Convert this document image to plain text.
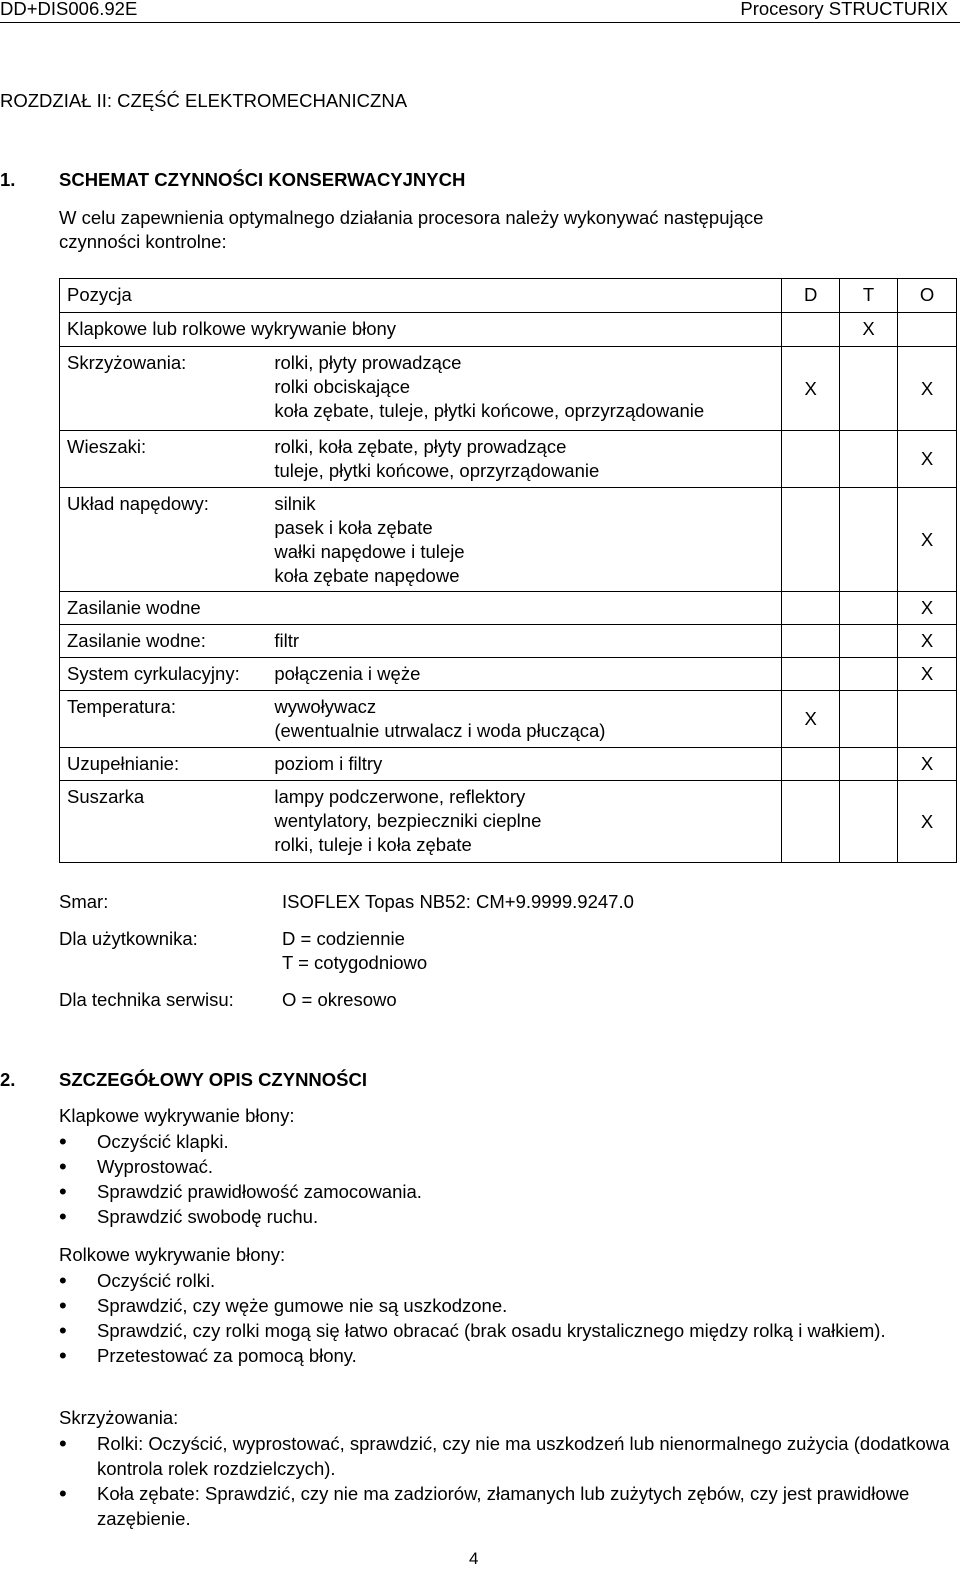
DD+DIS006.92E	Procesory STRUCTURIX
ROZDZIAŁ II: CZĘŚĆ ELEKTROMECHANICZNA
1. SCHEMAT CZYNNOŚCI KONSERWACYJNYCH
W celu zapewnienia optymalnego działania procesora należy wykonywać następujące
czynności kontrolne:
Pozycja		D	T	O
Klapkowe lub rolkowe wykrywanie błony			X	
Skrzyżowania:	rolki, płyty prowadzące
rolki obciskające
koła zębate, tuleje, płytki końcowe, oprzyrządowanie	X		X
Wieszaki:	rolki, koła zębate, płyty prowadzące
tuleje, płytki końcowe, oprzyrządowanie			X
Układ napędowy:	silnik
pasek i koła zębate
wałki napędowe i tuleje
koła zębate napędowe			X
Zasilanie wodne				X
Zasilanie wodne:	filtr			X
System cyrkulacyjny:	połączenia i węże			X
Temperatura:	wywoływacz
(ewentualnie utrwalacz i woda płucząca)	X		
Uzupełnianie:	poziom i filtry			X
Suszarka	lampy podczerwone, reflektory
wentylatory, bezpieczniki cieplne
rolki, tuleje i koła zębate			X
Smar:	ISOFLEX Topas NB52: CM+9.9999.9247.0
Dla użytkownika:	D = codziennie
T = cotygodniowo
Dla technika serwisu:	O = okresowo
2. SZCZEGÓŁOWY OPIS CZYNNOŚCI
Klapkowe wykrywanie błony:
• Oczyścić klapki.
• Wyprostować.
• Sprawdzić prawidłowość zamocowania.
• Sprawdzić swobodę ruchu.
Rolkowe wykrywanie błony:
• Oczyścić rolki.
• Sprawdzić, czy węże gumowe nie są uszkodzone.
• Sprawdzić, czy rolki mogą się łatwo obracać (brak osadu krystalicznego między rolką i wałkiem).
• Przetestować za pomocą błony.
Skrzyżowania:
• Rolki: Oczyścić, wyprostować, sprawdzić, czy nie ma uszkodzeń lub nienormalnego zużycia (dodatkowa kontrola rolek rozdzielczych).
• Koła zębate: Sprawdzić, czy nie ma zadziorów, złamanych lub zużytych zębów, czy jest prawidłowe zazębienie.
4
